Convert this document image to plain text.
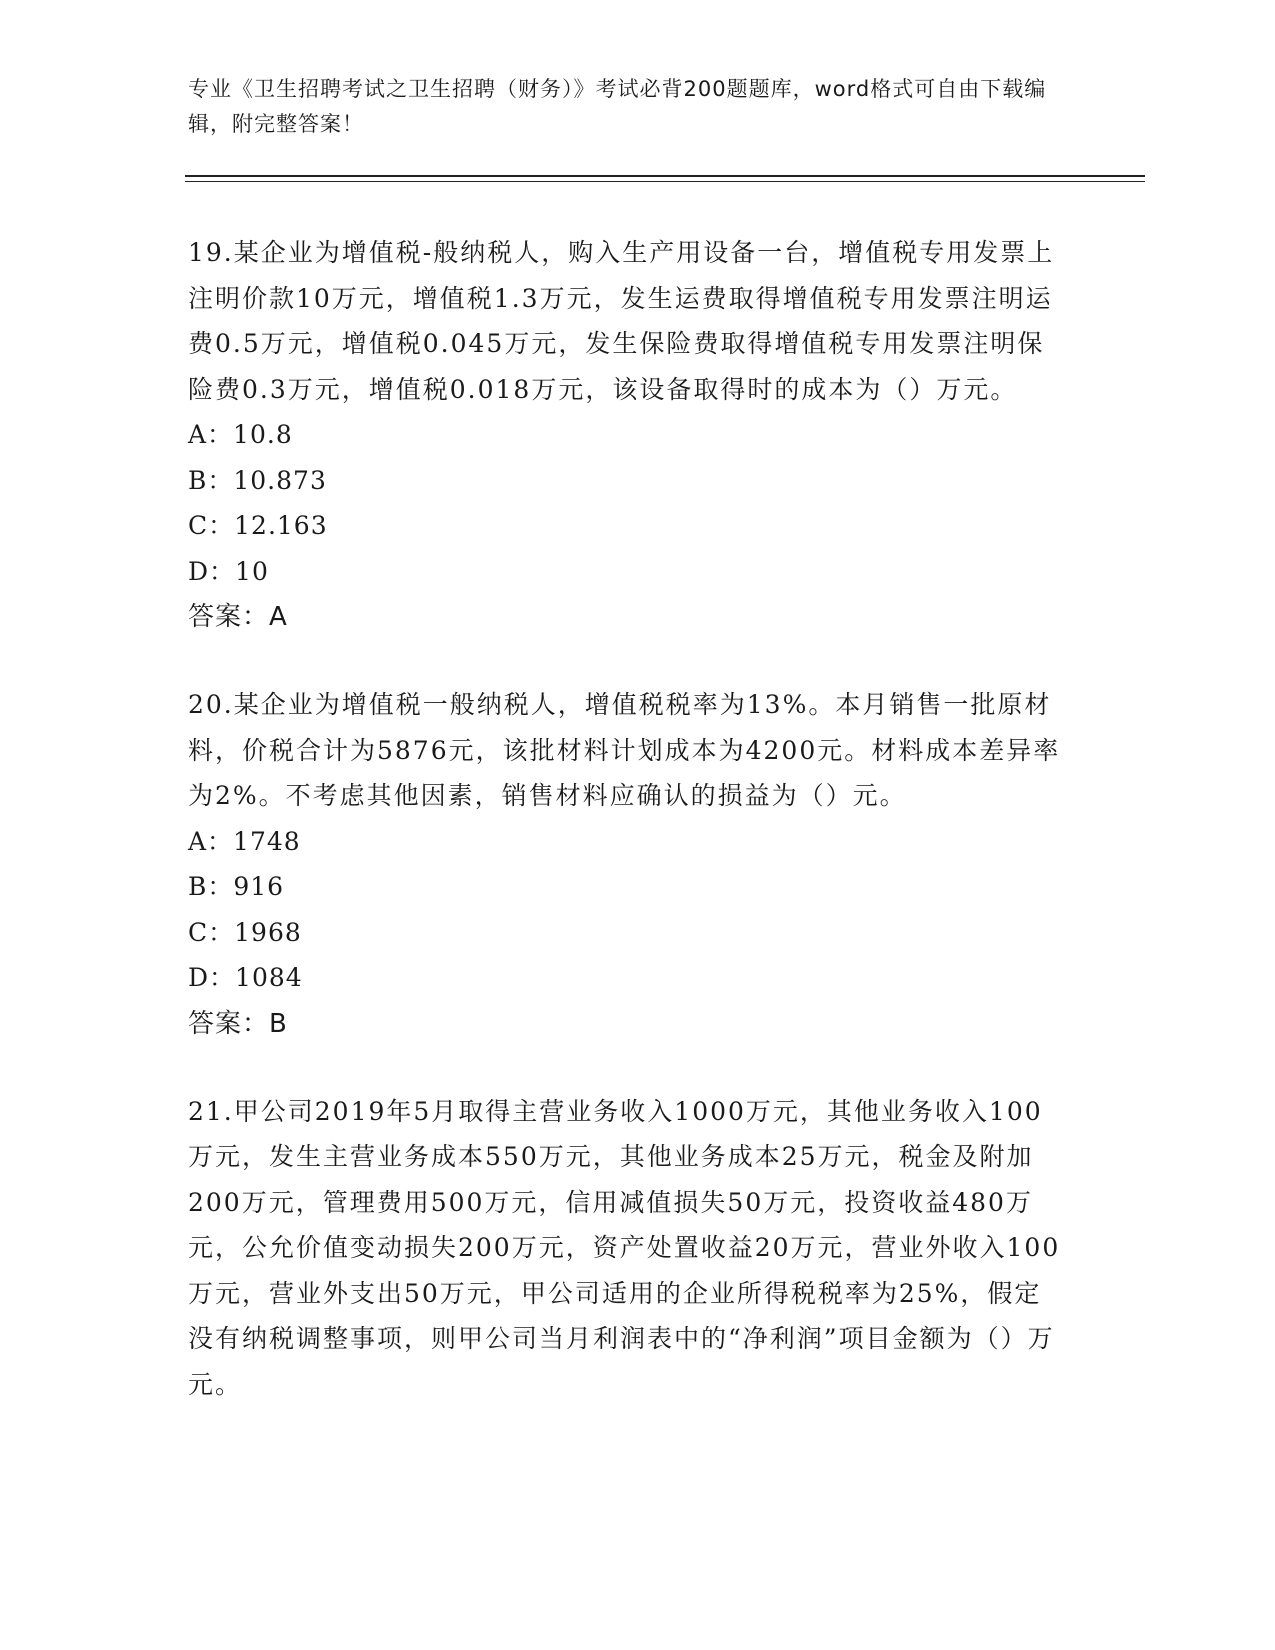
专业《卫生招聘考试之卫生招聘（财务）》考试必背200题题库，word格式可自由下载编辑，附完整答案！

19.某企业为增值税-般纳税人，购入生产用设备一台，增值税专用发票上注明价款10万元，增值税1.3万元，发生运费取得增值税专用发票注明运费0.5万元，增值税0.045万元，发生保险费取得增值税专用发票注明保险费0.3万元，增值税0.018万元，该设备取得时的成本为（）万元。

A：10.8

B：10.873

C：12.163

D：10

答案：A

20.某企业为增值税一般纳税人，增值税税率为13%。本月销售一批原材料，价税合计为5876元，该批材料计划成本为4200元。材料成本差异率为2%。不考虑其他因素，销售材料应确认的损益为（）元。

A：1748

B：916

C：1968

D：1084

答案：B

21.甲公司2019年5月取得主营业务收入1000万元，其他业务收入100万元，发生主营业务成本550万元，其他业务成本25万元，税金及附加200万元，管理费用500万元，信用减值损失50万元，投资收益480万元，公允价值变动损失200万元，资产处置收益20万元，营业外收入100万元，营业外支出50万元，甲公司适用的企业所得税税率为25%，假定没有纳税调整事项，则甲公司当月利润表中的“净利润”项目金额为（）万元。
